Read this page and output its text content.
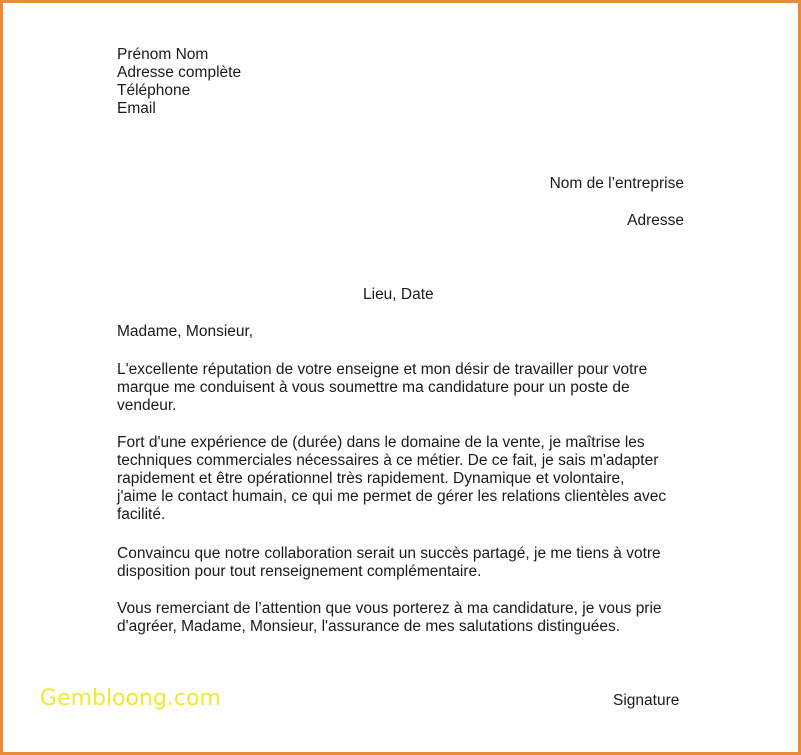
Prénom Nom
Adresse complète
Téléphone
Email
Nom de l’entreprise
Adresse
Lieu, Date
Madame, Monsieur,
L'excellente réputation de votre enseigne et mon désir de travailler pour votre
marque me conduisent à vous soumettre ma candidature pour un poste de
vendeur.
Fort d'une expérience de (durée) dans le domaine de la vente, je maîtrise les
techniques commerciales nécessaires à ce métier. De ce fait, je sais m'adapter
rapidement et être opérationnel très rapidement. Dynamique et volontaire,
j'aime le contact humain, ce qui me permet de gérer les relations clientèles avec
facilité.
Convaincu que notre collaboration serait un succès partagé, je me tiens à votre
disposition pour tout renseignement complémentaire.
Vous remerciant de l’attention que vous porterez à ma candidature, je vous prie
d'agréer, Madame, Monsieur, l'assurance de mes salutations distinguées.
Gembloong.com	Signature
